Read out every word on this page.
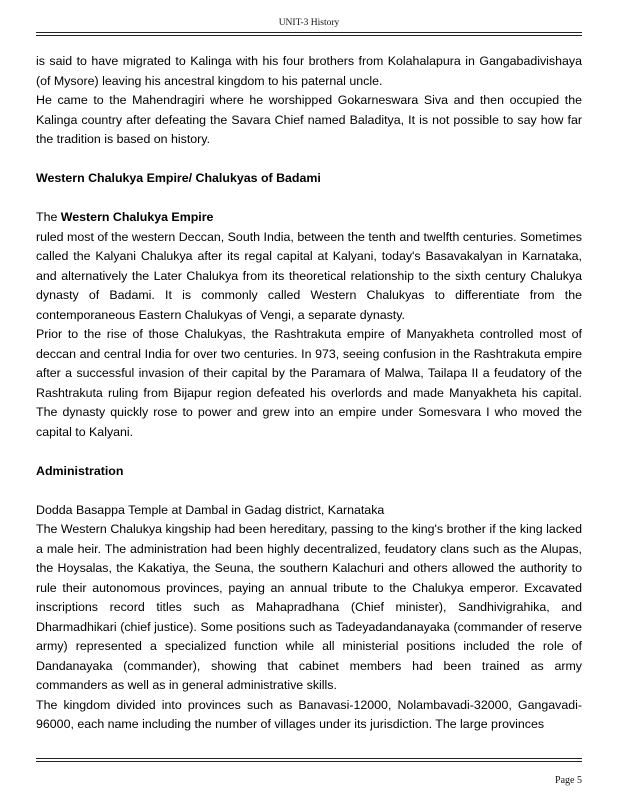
UNIT-3 History

is said to have migrated to Kalinga with his four brothers from Kolahalapura in Gangabadivishaya (of Mysore) leaving his ancestral kingdom to his paternal uncle.

He came to the Mahendragiri where he worshipped Gokarneswara Siva and then occupied the Kalinga country after defeating the Savara Chief named Baladitya, It is not possible to say how far the tradition is based on history.

Western Chalukya Empire/ Chalukyas of Badami

The Western Chalukya Empire

ruled most of the western Deccan, South India, between the tenth and twelfth centuries. Sometimes called the Kalyani Chalukya after its regal capital at Kalyani, today's Basavakalyan in Karnataka, and alternatively the Later Chalukya from its theoretical relationship to the sixth century Chalukya dynasty of Badami. It is commonly called Western Chalukyas to differentiate from the contemporaneous Eastern Chalukyas of Vengi, a separate dynasty.

Prior to the rise of those Chalukyas, the Rashtrakuta empire of Manyakheta controlled most of deccan and central India for over two centuries. In 973, seeing confusion in the Rashtrakuta empire after a successful invasion of their capital by the Paramara of Malwa, Tailapa II a feudatory of the Rashtrakuta ruling from Bijapur region defeated his overlords and made Manyakheta his capital. The dynasty quickly rose to power and grew into an empire under Somesvara I who moved the capital to Kalyani.

Administration

Dodda Basappa Temple at Dambal in Gadag district, Karnataka

The Western Chalukya kingship had been hereditary, passing to the king's brother if the king lacked a male heir. The administration had been highly decentralized, feudatory clans such as the Alupas, the Hoysalas, the Kakatiya, the Seuna, the southern Kalachuri and others allowed the authority to rule their autonomous provinces, paying an annual tribute to the Chalukya emperor. Excavated inscriptions record titles such as Mahapradhana (Chief minister), Sandhivigrahika, and Dharmadhikari (chief justice). Some positions such as Tadeyadandanayaka (commander of reserve army) represented a specialized function while all ministerial positions included the role of Dandanayaka (commander), showing that cabinet members had been trained as army commanders as well as in general administrative skills.

The kingdom divided into provinces such as Banavasi-12000, Nolambavadi-32000, Gangavadi-96000, each name including the number of villages under its jurisdiction. The large provinces

Page 5
